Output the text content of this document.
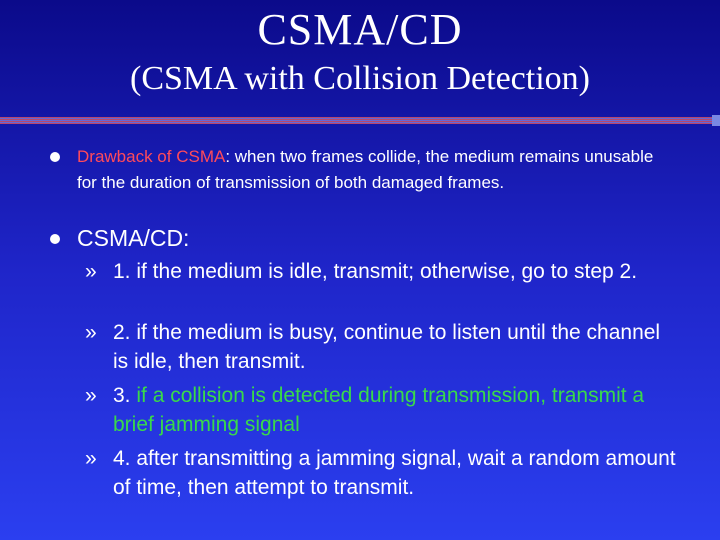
CSMA/CD
(CSMA with Collision Detection)
Drawback of CSMA: when two frames collide, the medium remains unusable for the duration of transmission of both damaged frames.
CSMA/CD:
» 1. if the medium is idle, transmit; otherwise, go to step 2.
» 2. if the medium is busy, continue to listen until the channel is idle, then transmit.
» 3. if a collision is detected during transmission, transmit a brief jamming signal
» 4. after transmitting a jamming signal, wait a random amount of time, then attempt to transmit.
